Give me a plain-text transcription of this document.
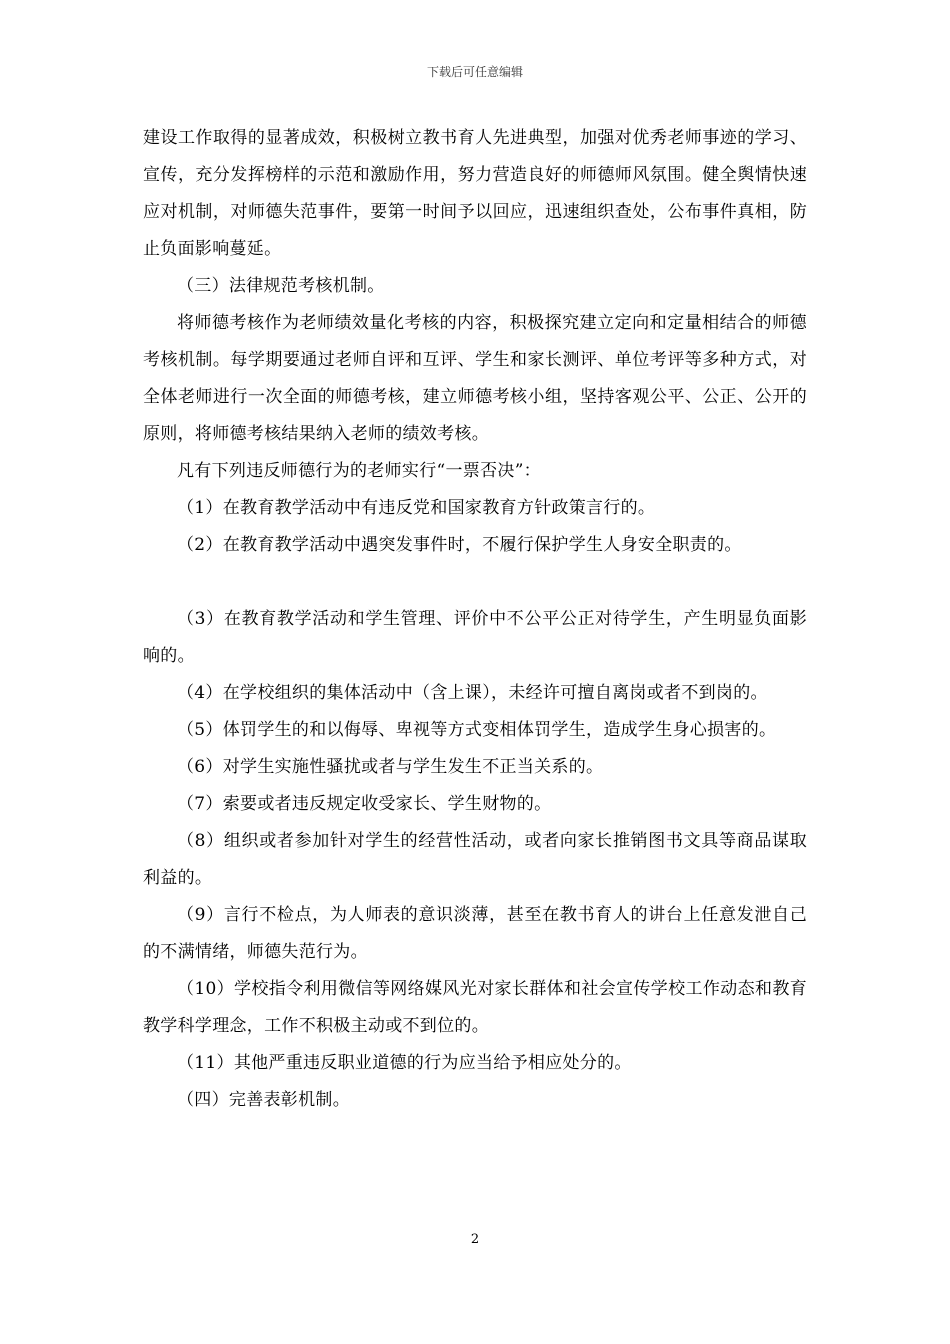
下载后可任意编辑

建设工作取得的显著成效，积极树立教书育人先进典型，加强对优秀老师事迹的学习、宣传，充分发挥榜样的示范和激励作用，努力营造良好的师德师风氛围。健全舆情快速应对机制，对师德失范事件，要第一时间予以回应，迅速组织查处，公布事件真相，防止负面影响蔓延。

（三）法律规范考核机制。

将师德考核作为老师绩效量化考核的内容，积极探究建立定向和定量相结合的师德考核机制。每学期要通过老师自评和互评、学生和家长测评、单位考评等多种方式，对全体老师进行一次全面的师德考核，建立师德考核小组，坚持客观公平、公正、公开的原则，将师德考核结果纳入老师的绩效考核。

凡有下列违反师德行为的老师实行“一票否决”：

（1）在教育教学活动中有违反党和国家教育方针政策言行的。

（2）在教育教学活动中遇突发事件时，不履行保护学生人身安全职责的。

（3）在教育教学活动和学生管理、评价中不公平公正对待学生，产生明显负面影响的。

（4）在学校组织的集体活动中（含上课），未经许可擅自离岗或者不到岗的。

（5）体罚学生的和以侮辱、卑视等方式变相体罚学生，造成学生身心损害的。

（6）对学生实施性骚扰或者与学生发生不正当关系的。

（7）索要或者违反规定收受家长、学生财物的。

（8）组织或者参加针对学生的经营性活动，或者向家长推销图书文具等商品谋取利益的。

（9）言行不检点，为人师表的意识淡薄，甚至在教书育人的讲台上任意发泄自己的不满情绪，师德失范行为。

（10）学校指令利用微信等网络媒风光对家长群体和社会宣传学校工作动态和教育教学科学理念，工作不积极主动或不到位的。

（11）其他严重违反职业道德的行为应当给予相应处分的。

（四）完善表彰机制。

2
